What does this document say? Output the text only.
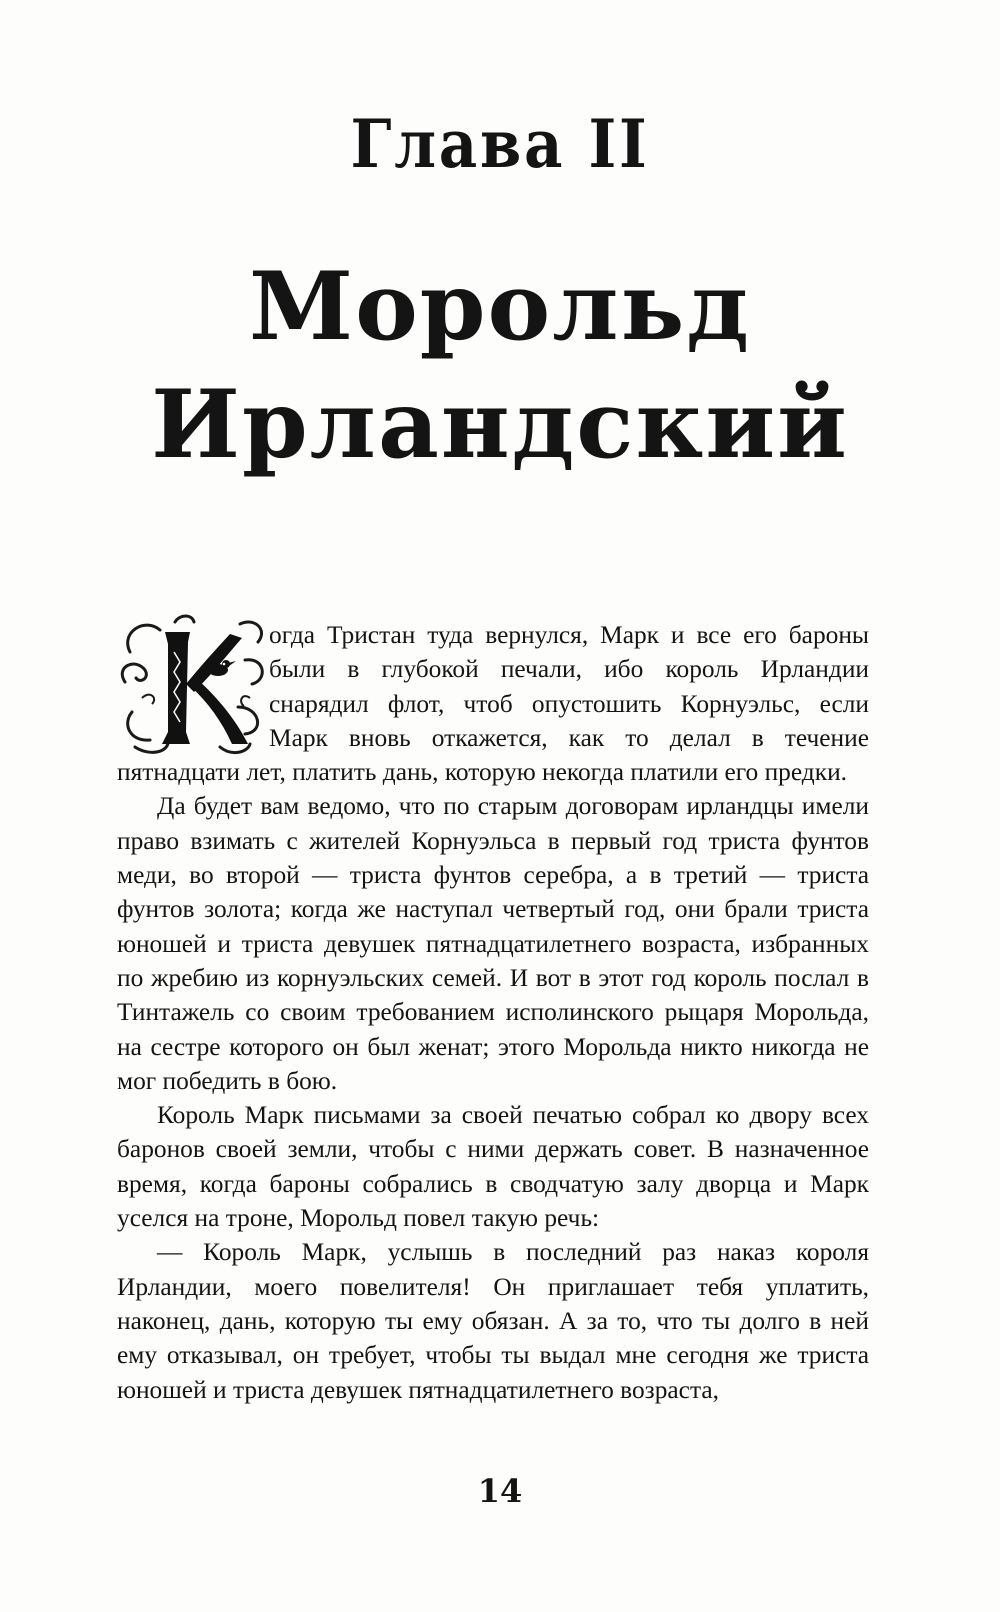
Глава II
Морольд
Ирландский

огда Тристан туда вернулся, Марк и все его бароны были в глубокой печали, ибо король Ирландии снарядил флот, чтоб опустошить Корнуэльс, если Марк вновь откажется, как то делал в течение пятнадцати лет, платить дань, которую некогда платили его предки.

Да будет вам ведомо, что по старым договорам ирландцы имели право взимать с жителей Корнуэльса в первый год триста фунтов меди, во второй — триста фунтов серебра, а в третий — триста фунтов золота; когда же наступал четвертый год, они брали триста юношей и триста девушек пятнадцатилетнего возраста, избранных по жребию из корнуэльских семей. И вот в этот год король послал в Тинтажель со своим требованием исполинского рыцаря Морольда, на сестре которого он был женат; этого Морольда никто никогда не мог победить в бою.

Король Марк письмами за своей печатью собрал ко двору всех баронов своей земли, чтобы с ними держать совет. В назначенное время, когда бароны собрались в сводчатую залу дворца и Марк уселся на троне, Морольд повел такую речь:

— Король Марк, услышь в последний раз наказ короля Ирландии, моего повелителя! Он приглашает тебя уплатить, наконец, дань, которую ты ему обязан. А за то, что ты долго в ней ему отказывал, он требует, чтобы ты выдал мне сегодня же триста юношей и триста девушек пятнадцатилетнего возраста,

14
